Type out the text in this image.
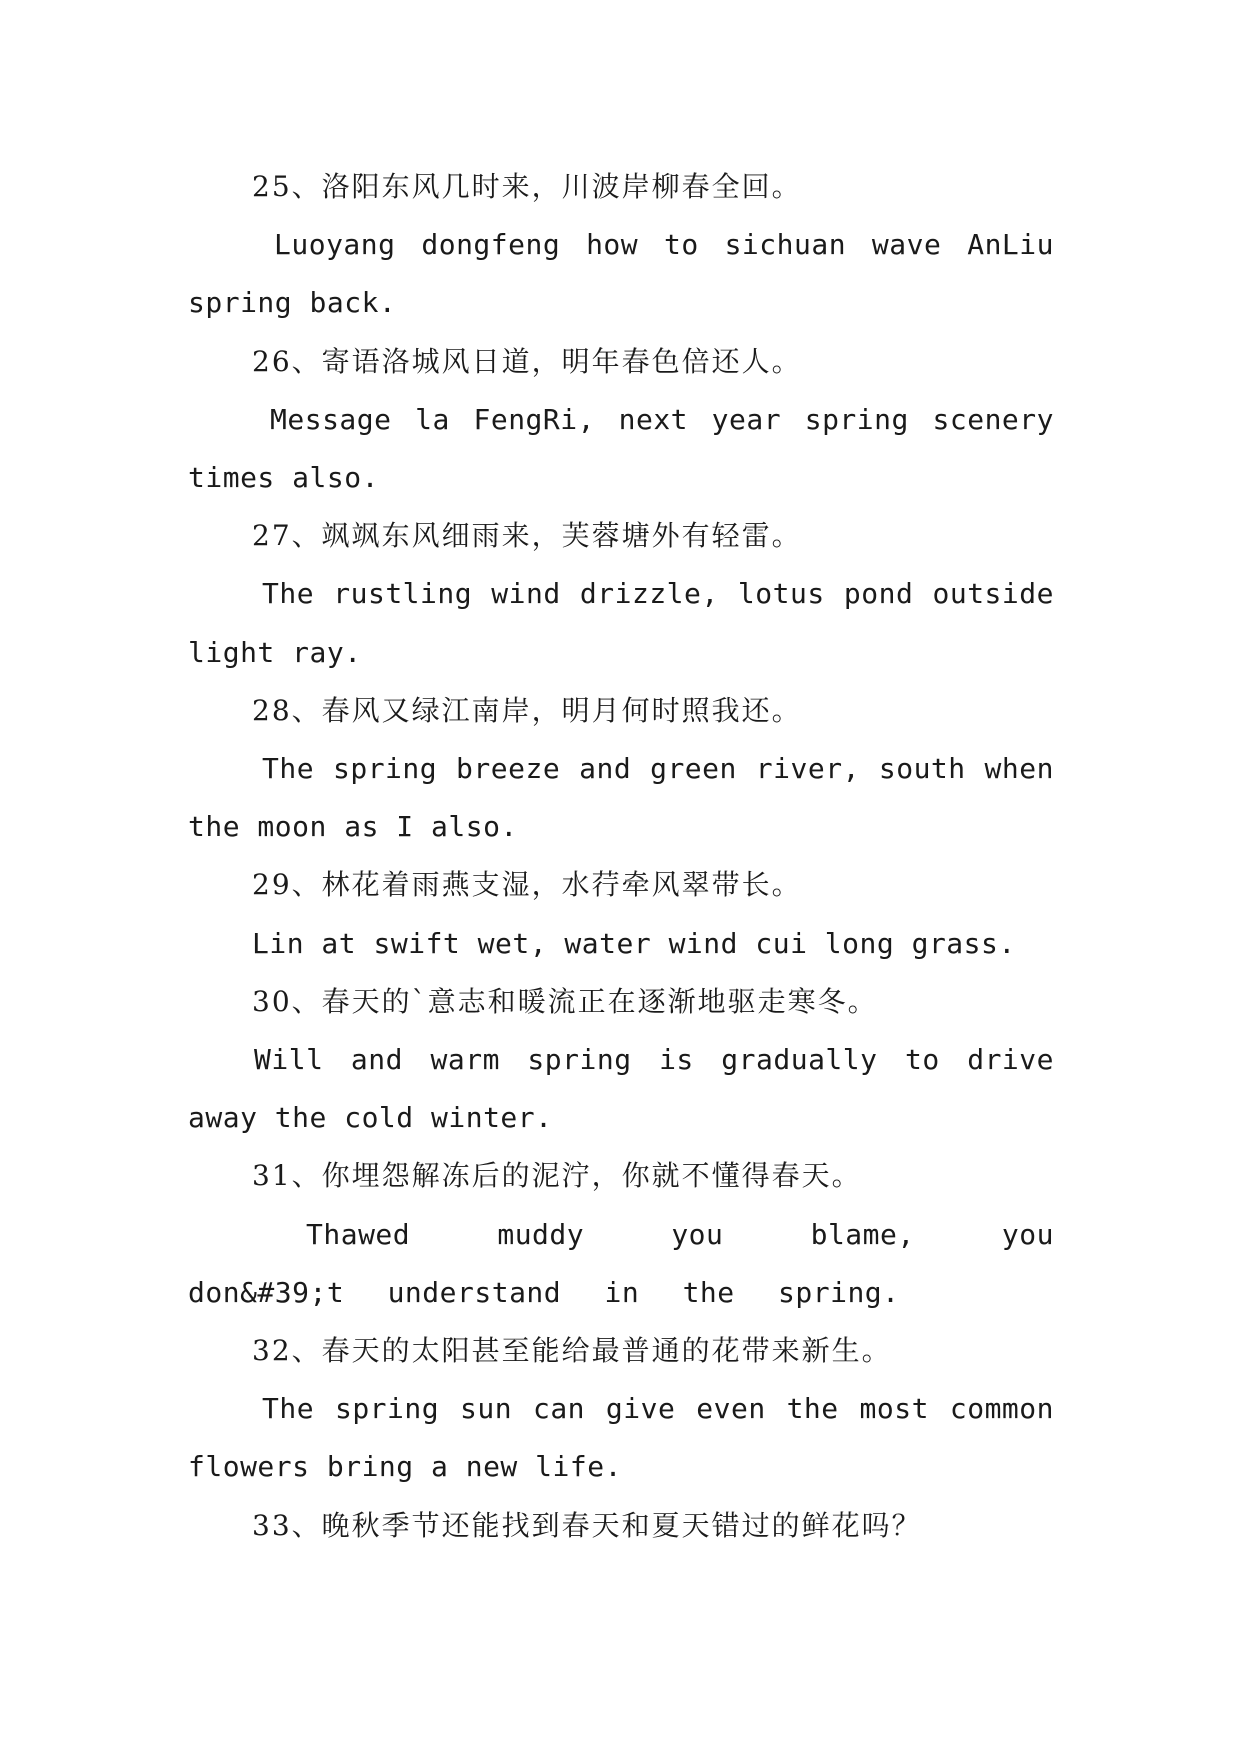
25、洛阳东风几时来，川波岸柳春全回。

Luoyang dongfeng how to sichuan wave AnLiu spring back.

26、寄语洛城风日道，明年春色倍还人。

Message la FengRi, next year spring scenery times also.

27、飒飒东风细雨来，芙蓉塘外有轻雷。

The rustling wind drizzle, lotus pond outside light ray.

28、春风又绿江南岸，明月何时照我还。

The spring breeze and green river, south when the moon as I also.

29、林花着雨燕支湿，水荇牵风翠带长。

Lin at swift wet, water wind cui long grass.

30、春天的`意志和暖流正在逐渐地驱走寒冬。

Will and warm spring is gradually to drive away the cold winter.

31、你埋怨解冻后的泥泞，你就不懂得春天。

Thawed muddy you blame, you don&#39;t understand in the spring.

32、春天的太阳甚至能给最普通的花带来新生。

The spring sun can give even the most common flowers bring a new life.

33、晚秋季节还能找到春天和夏天错过的鲜花吗？
